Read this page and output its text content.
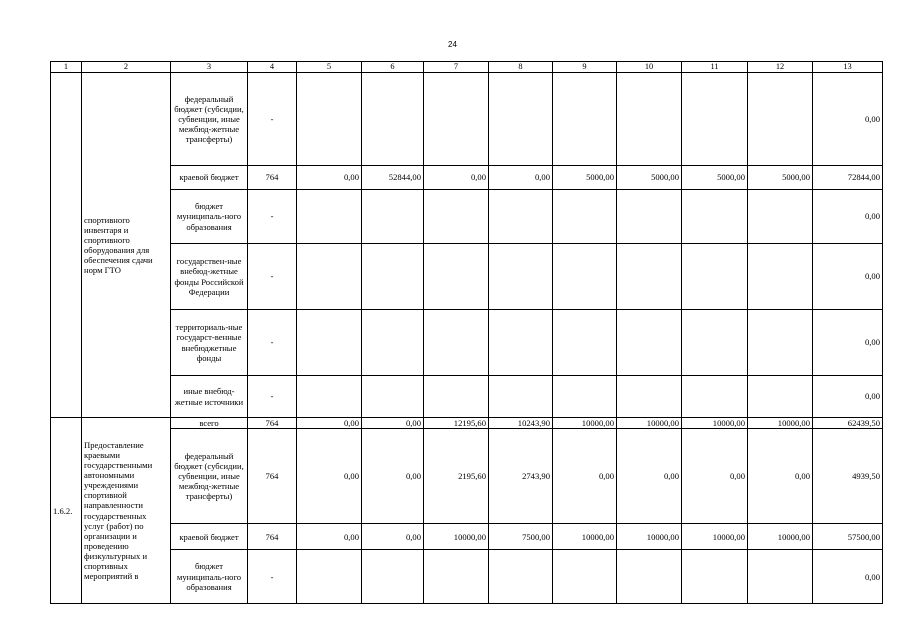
24
1	2	3	4	5	6	7	8	9	10	11	12	13
	спортивного инвентаря и спортивного оборудования для обеспечения сдачи норм ГТО	федеральный бюджет (субсидии, субвенции, иные межбюд-жетные трансферты)	-									0,00
		краевой бюджет	764	0,00	52844,00	0,00	0,00	5000,00	5000,00	5000,00	5000,00	72844,00
		бюджет муниципаль-ного образования	-									0,00
		государствен-ные внебюд-жетные фонды Российской Федерации	-									0,00
		территориаль-ные государст-венные внебюджетные фонды	-									0,00
		иные внебюд-жетные источники	-									0,00
1.6.2.	Предоставление краевыми государственными автономными учреждениями спортивной направленности государственных услуг (работ) по организации и проведению физкультурных и спортивных мероприятий в	всего	764	0,00	0,00	12195,60	10243,90	10000,00	10000,00	10000,00	10000,00	62439,50
		федеральный бюджет (субсидии, субвенции, иные межбюд-жетные трансферты)	764	0,00	0,00	2195,60	2743,90	0,00	0,00	0,00	0,00	4939,50
		краевой бюджет	764	0,00	0,00	10000,00	7500,00	10000,00	10000,00	10000,00	10000,00	57500,00
		бюджет муниципаль-ного образования	-									0,00
